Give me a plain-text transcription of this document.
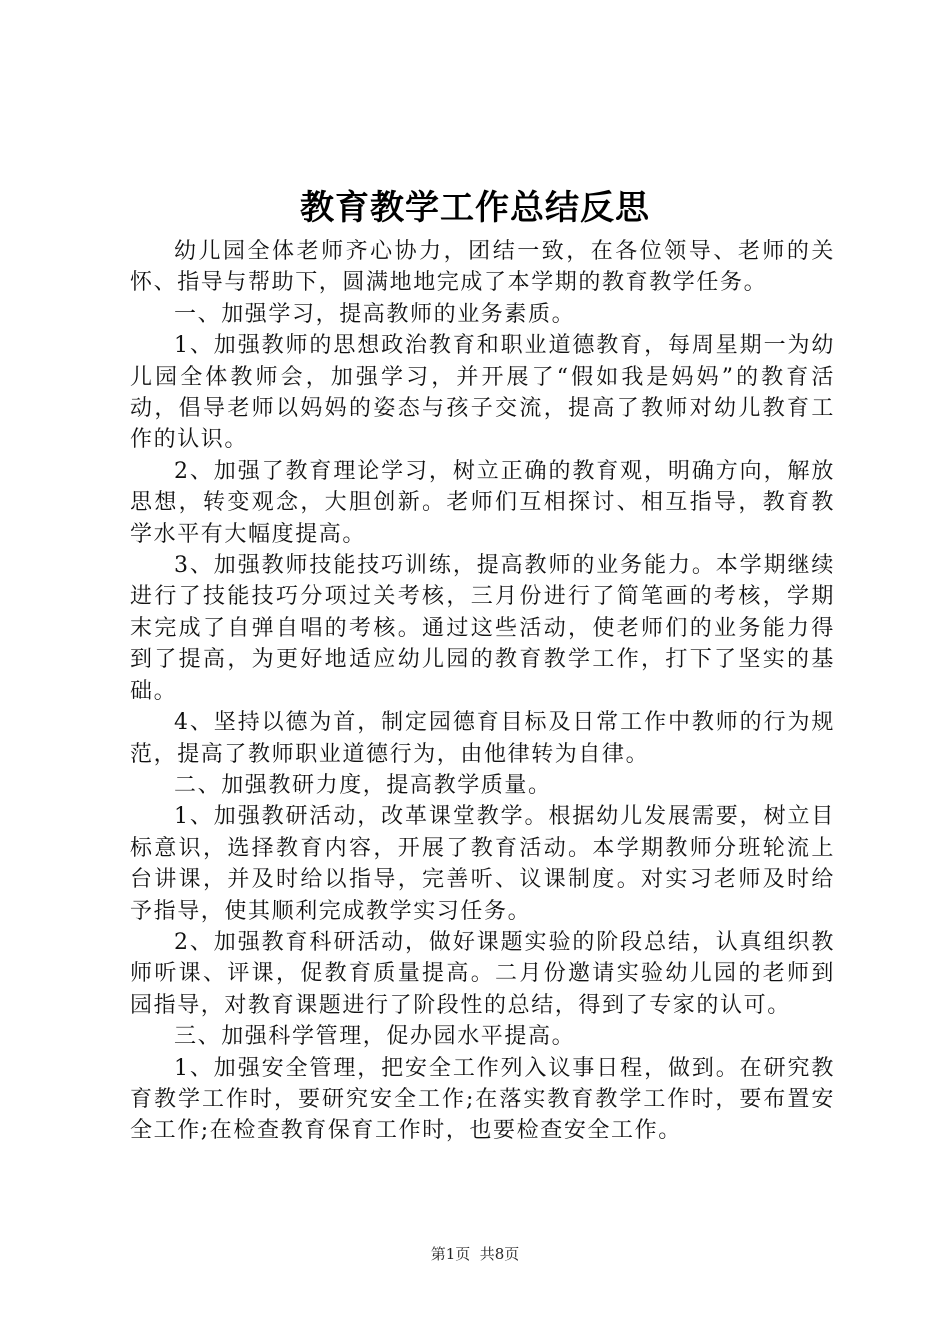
教育教学工作总结反思

幼儿园全体老师齐心协力，团结一致，在各位领导、老师的关怀、指导与帮助下，圆满地地完成了本学期的教育教学任务。

一、加强学习，提高教师的业务素质。

1、加强教师的思想政治教育和职业道德教育，每周星期一为幼儿园全体教师会，加强学习，并开展了“假如我是妈妈”的教育活动，倡导老师以妈妈的姿态与孩子交流，提高了教师对幼儿教育工作的认识。

2、加强了教育理论学习，树立正确的教育观，明确方向，解放思想，转变观念，大胆创新。老师们互相探讨、相互指导，教育教学水平有大幅度提高。

3、加强教师技能技巧训练，提高教师的业务能力。本学期继续进行了技能技巧分项过关考核，三月份进行了简笔画的考核，学期末完成了自弹自唱的考核。通过这些活动，使老师们的业务能力得到了提高，为更好地适应幼儿园的教育教学工作，打下了坚实的基础。

4、坚持以德为首，制定园德育目标及日常工作中教师的行为规范，提高了教师职业道德行为，由他律转为自律。

二、加强教研力度，提高教学质量。

1、加强教研活动，改革课堂教学。根据幼儿发展需要，树立目标意识，选择教育内容，开展了教育活动。本学期教师分班轮流上台讲课，并及时给以指导，完善听、议课制度。对实习老师及时给予指导，使其顺利完成教学实习任务。

2、加强教育科研活动，做好课题实验的阶段总结，认真组织教师听课、评课，促教育质量提高。二月份邀请实验幼儿园的老师到园指导，对教育课题进行了阶段性的总结，得到了专家的认可。

三、加强科学管理，促办园水平提高。

1、加强安全管理，把安全工作列入议事日程，做到。在研究教育教学工作时，要研究安全工作;在落实教育教学工作时，要布置安全工作;在检查教育保育工作时，也要检查安全工作。

第1页  共8页
